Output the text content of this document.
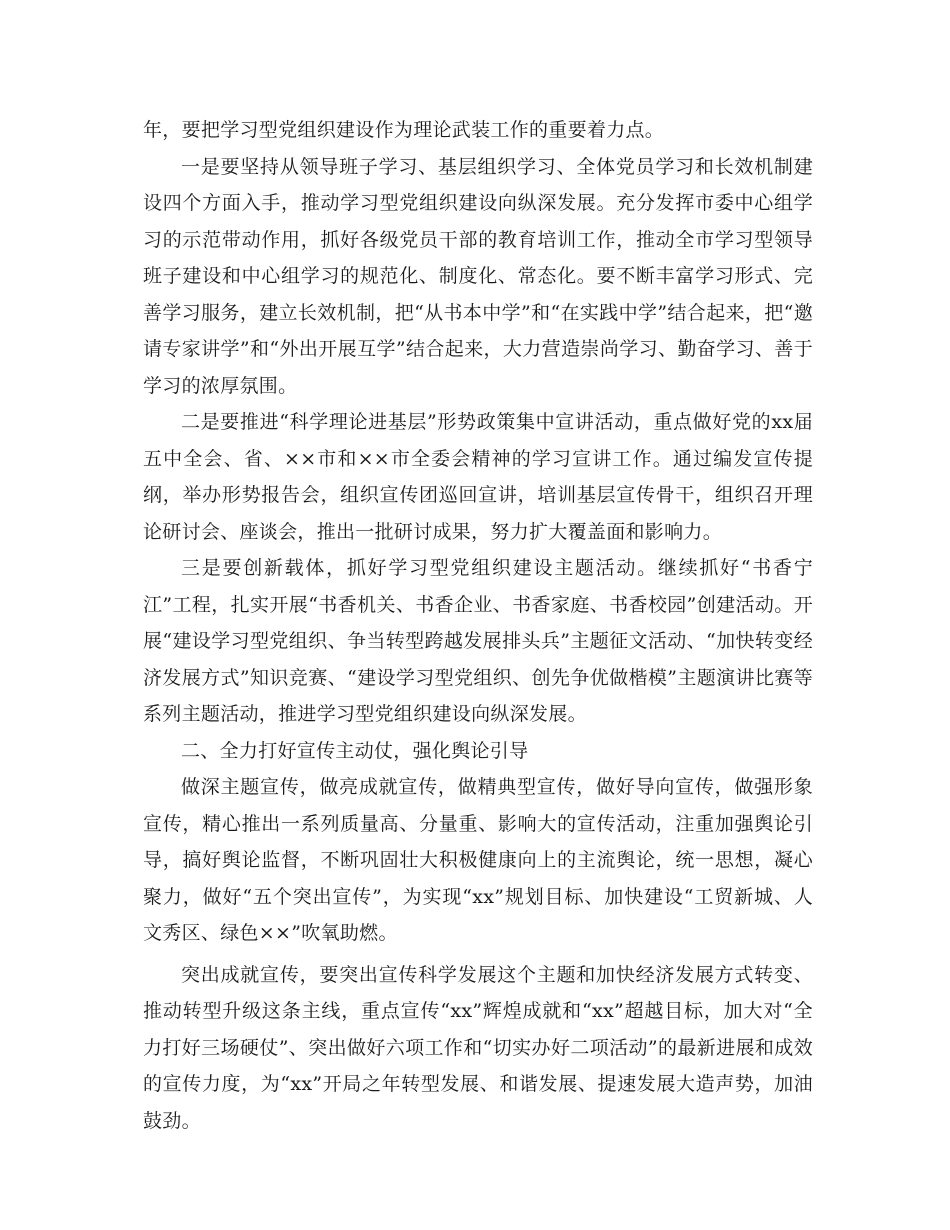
年，要把学习型党组织建设作为理论武装工作的重要着力点。

一是要坚持从领导班子学习、基层组织学习、全体党员学习和长效机制建设四个方面入手，推动学习型党组织建设向纵深发展。充分发挥市委中心组学习的示范带动作用，抓好各级党员干部的教育培训工作，推动全市学习型领导班子建设和中心组学习的规范化、制度化、常态化。要不断丰富学习形式、完善学习服务，建立长效机制，把“从书本中学”和“在实践中学”结合起来，把“邀请专家讲学”和“外出开展互学”结合起来，大力营造崇尚学习、勤奋学习、善于学习的浓厚氛围。

二是要推进“科学理论进基层”形势政策集中宣讲活动，重点做好党的xx届五中全会、省、××市和××市全委会精神的学习宣讲工作。通过编发宣传提纲，举办形势报告会，组织宣传团巡回宣讲，培训基层宣传骨干，组织召开理论研讨会、座谈会，推出一批研讨成果，努力扩大覆盖面和影响力。

三是要创新载体，抓好学习型党组织建设主题活动。继续抓好“书香宁江”工程，扎实开展“书香机关、书香企业、书香家庭、书香校园”创建活动。开展“建设学习型党组织、争当转型跨越发展排头兵”主题征文活动、“加快转变经济发展方式”知识竞赛、“建设学习型党组织、创先争优做楷模”主题演讲比赛等系列主题活动，推进学习型党组织建设向纵深发展。

二、全力打好宣传主动仗，强化舆论引导

做深主题宣传，做亮成就宣传，做精典型宣传，做好导向宣传，做强形象宣传，精心推出一系列质量高、分量重、影响大的宣传活动，注重加强舆论引导，搞好舆论监督，不断巩固壮大积极健康向上的主流舆论，统一思想，凝心聚力，做好“五个突出宣传”，为实现“xx”规划目标、加快建设“工贸新城、人文秀区、绿色××”吹氧助燃。

突出成就宣传，要突出宣传科学发展这个主题和加快经济发展方式转变、推动转型升级这条主线，重点宣传“xx”辉煌成就和“xx”超越目标，加大对“全力打好三场硬仗”、突出做好六项工作和“切实办好二项活动”的最新进展和成效的宣传力度，为“xx”开局之年转型发展、和谐发展、提速发展大造声势，加油鼓劲。
